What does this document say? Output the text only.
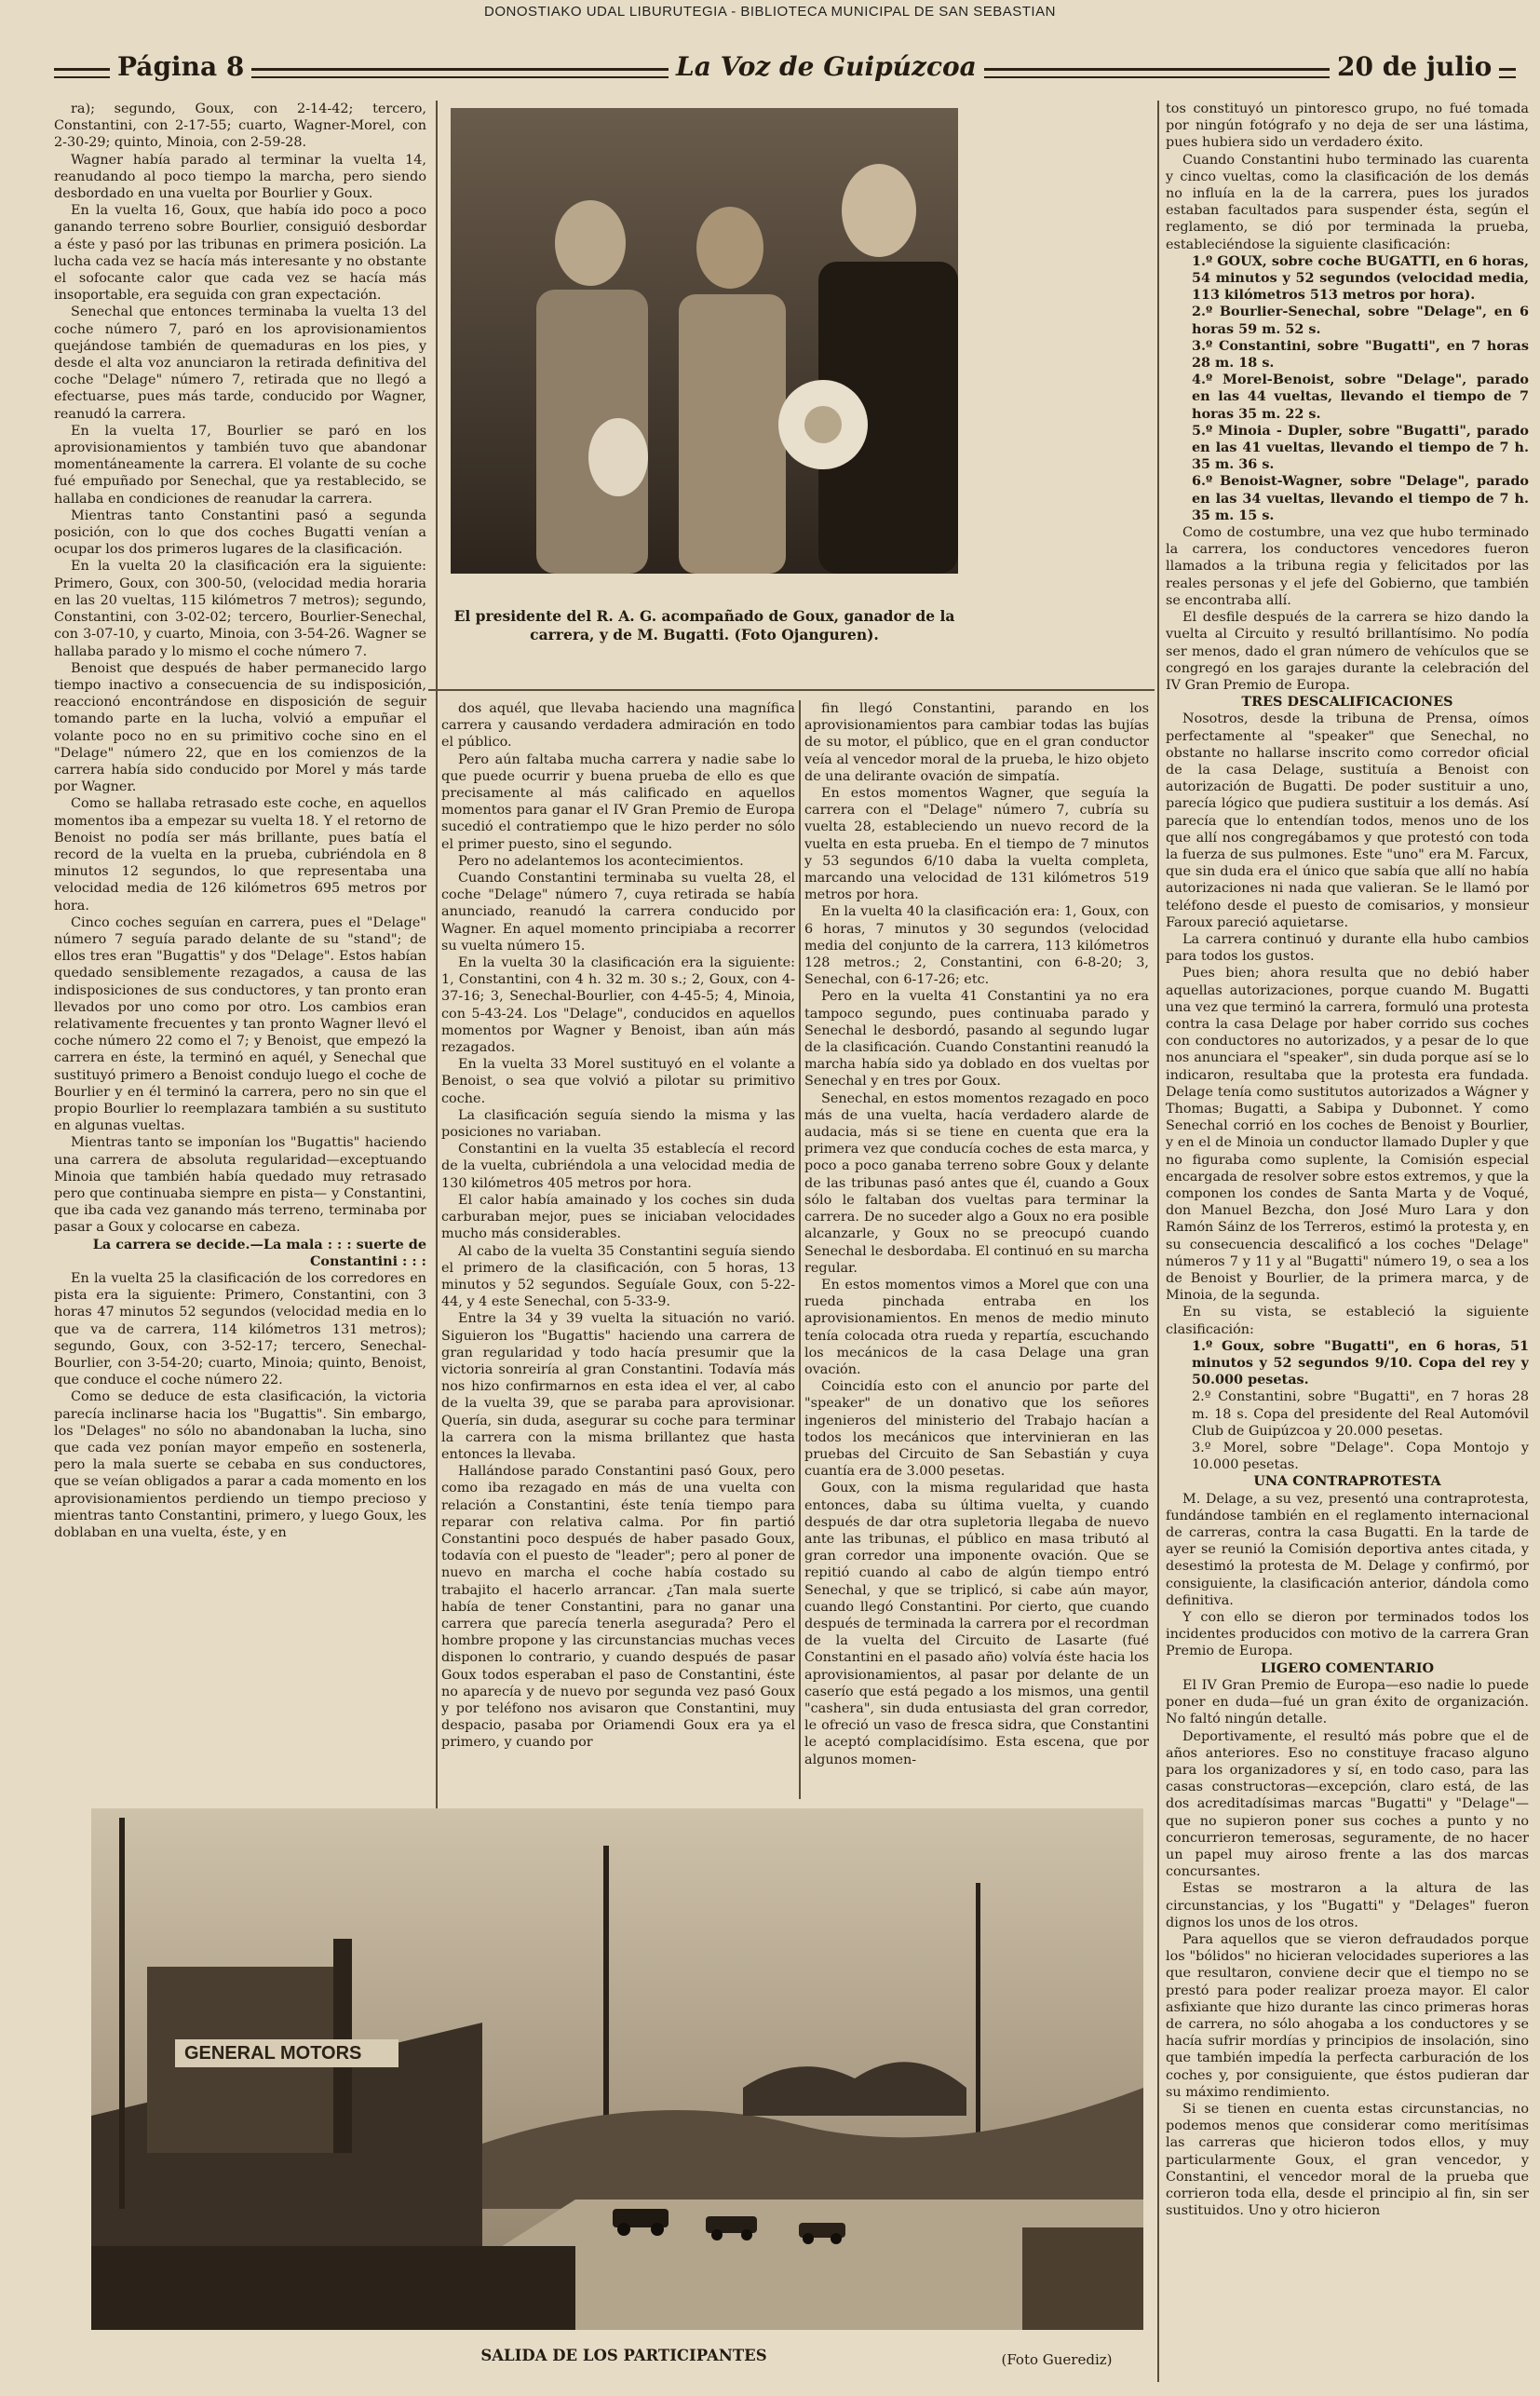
DONOSTIAKO UDAL LIBURUTEGIA - BIBLIOTECA MUNICIPAL DE SAN SEBASTIAN
Página 8	La Voz de Guipúzcoa	20 de julio

ra); segundo, Goux, con 2-14-42; tercero, Constantini, con 2-17-55; cuarto, Wagner-Morel, con 2-30-29; quinto, Minoia, con 2-59-28.

Wagner había parado al terminar la vuelta 14, reanudando al poco tiempo la marcha, pero siendo desbordado en una vuelta por Bourlier y Goux.

En la vuelta 16, Goux, que había ido poco a poco ganando terreno sobre Bourlier, consiguió desbordar a éste y pasó por las tribunas en primera posición. La lucha cada vez se hacía más interesante y no obstante el sofocante calor que cada vez se hacía más insoportable, era seguida con gran expectación.

Senechal que entonces terminaba la vuelta 13 del coche número 7, paró en los aprovisionamientos quejándose también de quemaduras en los pies, y desde el alta voz anunciaron la retirada definitiva del coche "Delage" número 7, retirada que no llegó a efectuarse, pues más tarde, conducido por Wagner, reanudó la carrera.

En la vuelta 17, Bourlier se paró en los aprovisionamientos y también tuvo que abandonar momentáneamente la carrera. El volante de su coche fué empuñado por Senechal, que ya restablecido, se hallaba en condiciones de reanudar la carrera.

Mientras tanto Constantini pasó a segunda posición, con lo que dos coches Bugatti venían a ocupar los dos primeros lugares de la clasificación.

En la vuelta 20 la clasificación era la siguiente: Primero, Goux, con 300-50, (velocidad media horaria en las 20 vueltas, 115 kilómetros 7 metros); segundo, Constantini, con 3-02-02; tercero, Bourlier-Senechal, con 3-07-10, y cuarto, Minoia, con 3-54-26. Wagner se hallaba parado y lo mismo el coche número 7.

Benoist que después de haber permanecido largo tiempo inactivo a consecuencia de su indisposición, reaccionó encontrándose en disposición de seguir tomando parte en la lucha, volvió a empuñar el volante poco no en su primitivo coche sino en el "Delage" número 22, que en los comienzos de la carrera había sido conducido por Morel y más tarde por Wagner.

Como se hallaba retrasado este coche, en aquellos momentos iba a empezar su vuelta 18. Y el retorno de Benoist no podía ser más brillante, pues batía el record de la vuelta en la prueba, cubriéndola en 8 minutos 12 segundos, lo que representaba una velocidad media de 126 kilómetros 695 metros por hora.

Cinco coches seguían en carrera, pues el "Delage" número 7 seguía parado delante de su "stand"; de ellos tres eran "Bugattis" y dos "Delage". Estos habían quedado sensiblemente rezagados, a causa de las indisposiciones de sus conductores, y tan pronto eran llevados por uno como por otro. Los cambios eran relativamente frecuentes y tan pronto Wagner llevó el coche número 22 como el 7; y Benoist, que empezó la carrera en éste, la terminó en aquél, y Senechal que sustituyó primero a Benoist condujo luego el coche de Bourlier y en él terminó la carrera, pero no sin que el propio Bourlier lo reemplazara también a su sustituto en algunas vueltas.

Mientras tanto se imponían los "Bugattis" haciendo una carrera de absoluta regularidad—exceptuando Minoia que también había quedado muy retrasado pero que continuaba siempre en pista— y Constantini, que iba cada vez ganando más terreno, terminaba por pasar a Goux y colocarse en cabeza.

La carrera se decide.—La mala : : : suerte de Constantini : : :

En la vuelta 25 la clasificación de los corredores en pista era la siguiente: Primero, Constantini, con 3 horas 47 minutos 52 segundos (velocidad media en lo que va de carrera, 114 kilómetros 131 metros); segundo, Goux, con 3-52-17; tercero, Senechal-Bourlier, con 3-54-20; cuarto, Minoia; quinto, Benoist, que conduce el coche número 22.

Como se deduce de esta clasificación, la victoria parecía inclinarse hacia los "Bugattis". Sin embargo, los "Delages" no sólo no abandonaban la lucha, sino que cada vez ponían mayor empeño en sostenerla, pero la mala suerte se cebaba en sus conductores, que se veían obligados a parar a cada momento en los aprovisionamientos perdiendo un tiempo precioso y mientras tanto Constantini, primero, y luego Goux, les doblaban en una vuelta, éste, y en

El presidente del R. A. G. acompañado de Goux, ganador de la carrera, y de M. Bugatti. (Foto Ojanguren).

dos aquél, que llevaba haciendo una magnífica carrera y causando verdadera admiración en todo el público.

Pero aún faltaba mucha carrera y nadie sabe lo que puede ocurrir y buena prueba de ello es que precisamente al más calificado en aquellos momentos para ganar el IV Gran Premio de Europa sucedió el contratiempo que le hizo perder no sólo el primer puesto, sino el segundo.

Pero no adelantemos los acontecimientos.

Cuando Constantini terminaba su vuelta 28, el coche "Delage" número 7, cuya retirada se había anunciado, reanudó la carrera conducido por Wagner. En aquel momento principiaba a recorrer su vuelta número 15.

En la vuelta 30 la clasificación era la siguiente: 1, Constantini, con 4 h. 32 m. 30 s.; 2, Goux, con 4-37-16; 3, Senechal-Bourlier, con 4-45-5; 4, Minoia, con 5-43-24. Los "Delage", conducidos en aquellos momentos por Wagner y Benoist, iban aún más rezagados.

En la vuelta 33 Morel sustituyó en el volante a Benoist, o sea que volvió a pilotar su primitivo coche.

La clasificación seguía siendo la misma y las posiciones no variaban.

Constantini en la vuelta 35 establecía el record de la vuelta, cubriéndola a una velocidad media de 130 kilómetros 405 metros por hora.

El calor había amainado y los coches sin duda carburaban mejor, pues se iniciaban velocidades mucho más considerables.

Al cabo de la vuelta 35 Constantini seguía siendo el primero de la clasificación, con 5 horas, 13 minutos y 52 segundos. Seguíale Goux, con 5-22-44, y 4 este Senechal, con 5-33-9.

Entre la 34 y 39 vuelta la situación no varió. Siguieron los "Bugattis" haciendo una carrera de gran regularidad y todo hacía presumir que la victoria sonreiría al gran Constantini. Todavía más nos hizo confirmarnos en esta idea el ver, al cabo de la vuelta 39, que se paraba para aprovisionar. Quería, sin duda, asegurar su coche para terminar la carrera con la misma brillantez que hasta entonces la llevaba.

Hallándose parado Constantini pasó Goux, pero como iba rezagado en más de una vuelta con relación a Constantini, éste tenía tiempo para reparar con relativa calma. Por fin partió Constantini poco después de haber pasado Goux, todavía con el puesto de "leader"; pero al poner de nuevo en marcha el coche había costado su trabajito el hacerlo arrancar. ¿Tan mala suerte había de tener Constantini, para no ganar una carrera que parecía tenerla asegurada? Pero el hombre propone y las circunstancias muchas veces disponen lo contrario, y cuando después de pasar Goux todos esperaban el paso de Constantini, éste no aparecía y de nuevo por segunda vez pasó Goux y por teléfono nos avisaron que Constantini, muy despacio, pasaba por Oriamendi Goux era ya el primero, y cuando por

fin llegó Constantini, parando en los aprovisionamientos para cambiar todas las bujías de su motor, el público, que en el gran conductor veía al vencedor moral de la prueba, le hizo objeto de una delirante ovación de simpatía.

En estos momentos Wagner, que seguía la carrera con el "Delage" número 7, cubría su vuelta 28, estableciendo un nuevo record de la vuelta en esta prueba. En el tiempo de 7 minutos y 53 segundos 6/10 daba la vuelta completa, marcando una velocidad de 131 kilómetros 519 metros por hora.

En la vuelta 40 la clasificación era: 1, Goux, con 6 horas, 7 minutos y 30 segundos (velocidad media del conjunto de la carrera, 113 kilómetros 128 metros.; 2, Constantini, con 6-8-20; 3, Senechal, con 6-17-26; etc.

Pero en la vuelta 41 Constantini ya no era tampoco segundo, pues continuaba parado y Senechal le desbordó, pasando al segundo lugar de la clasificación. Cuando Constantini reanudó la marcha había sido ya doblado en dos vueltas por Senechal y en tres por Goux.

Senechal, en estos momentos rezagado en poco más de una vuelta, hacía verdadero alarde de audacia, más si se tiene en cuenta que era la primera vez que conducía coches de esta marca, y poco a poco ganaba terreno sobre Goux y delante de las tribunas pasó antes que él, cuando a Goux sólo le faltaban dos vueltas para terminar la carrera. De no suceder algo a Goux no era posible alcanzarle, y Goux no se preocupó cuando Senechal le desbordaba. El continuó en su marcha regular.

En estos momentos vimos a Morel que con una rueda pinchada entraba en los aprovisionamientos. En menos de medio minuto tenía colocada otra rueda y repartía, escuchando los mecánicos de la casa Delage una gran ovación.

Coincidía esto con el anuncio por parte del "speaker" de un donativo que los señores ingenieros del ministerio del Trabajo hacían a todos los mecánicos que intervinieran en las pruebas del Circuito de San Sebastián y cuya cuantía era de 3.000 pesetas.

Goux, con la misma regularidad que hasta entonces, daba su última vuelta, y cuando después de dar otra supletoria llegaba de nuevo ante las tribunas, el público en masa tributó al gran corredor una imponente ovación. Que se repitió cuando al cabo de algún tiempo entró Senechal, y que se triplicó, si cabe aún mayor, cuando llegó Constantini. Por cierto, que cuando después de terminada la carrera por el recordman de la vuelta del Circuito de Lasarte (fué Constantini en el pasado año) volvía éste hacia los aprovisionamientos, al pasar por delante de un caserío que está pegado a los mismos, una gentil "cashera", sin duda entusiasta del gran corredor, le ofreció un vaso de fresca sidra, que Constantini le aceptó complacidísimo. Esta escena, que por algunos momen-

tos constituyó un pintoresco grupo, no fué tomada por ningún fotógrafo y no deja de ser una lástima, pues hubiera sido un verdadero éxito.

Cuando Constantini hubo terminado las cuarenta y cinco vueltas, como la clasificación de los demás no influía en la de la carrera, pues los jurados estaban facultados para suspender ésta, según el reglamento, se dió por terminada la prueba, estableciéndose la siguiente clasificación:

1.º GOUX, sobre coche BUGATTI, en 6 horas, 54 minutos y 52 segundos (velocidad media, 113 kilómetros 513 metros por hora).

2.º Bourlier-Senechal, sobre "Delage", en 6 horas 59 m. 52 s.

3.º Constantini, sobre "Bugatti", en 7 horas 28 m. 18 s.

4.º Morel-Benoist, sobre "Delage", parado en las 44 vueltas, llevando el tiempo de 7 horas 35 m. 22 s.

5.º Minoia - Dupler, sobre "Bugatti", parado en las 41 vueltas, llevando el tiempo de 7 h. 35 m. 36 s.

6.º Benoist-Wagner, sobre "Delage", parado en las 34 vueltas, llevando el tiempo de 7 h. 35 m. 15 s.

Como de costumbre, una vez que hubo terminado la carrera, los conductores vencedores fueron llamados a la tribuna regia y felicitados por las reales personas y el jefe del Gobierno, que también se encontraba allí.

El desfile después de la carrera se hizo dando la vuelta al Circuito y resultó brillantísimo. No podía ser menos, dado el gran número de vehículos que se congregó en los garajes durante la celebración del IV Gran Premio de Europa.

TRES DESCALIFICACIONES

Nosotros, desde la tribuna de Prensa, oímos perfectamente al "speaker" que Senechal, no obstante no hallarse inscrito como corredor oficial de la casa Delage, sustituía a Benoist con autorización de Bugatti. De poder sustituir a uno, parecía lógico que pudiera sustituir a los demás. Así parecía que lo entendían todos, menos uno de los que allí nos congregábamos y que protestó con toda la fuerza de sus pulmones. Este "uno" era M. Farcux, que sin duda era el único que sabía que allí no había autorizaciones ni nada que valieran. Se le llamó por teléfono desde el puesto de comisarios, y monsieur Faroux pareció aquietarse.

La carrera continuó y durante ella hubo cambios para todos los gustos.

Pues bien; ahora resulta que no debió haber aquellas autorizaciones, porque cuando M. Bugatti una vez que terminó la carrera, formuló una protesta contra la casa Delage por haber corrido sus coches con conductores no autorizados, y a pesar de lo que nos anunciara el "speaker", sin duda porque así se lo indicaron, resultaba que la protesta era fundada. Delage tenía como sustitutos autorizados a Wágner y Thomas; Bugatti, a Sabipa y Dubonnet. Y como Senechal corrió en los coches de Benoist y Bourlier, y en el de Minoia un conductor llamado Dupler y que no figuraba como suplente, la Comisión especial encargada de resolver sobre estos extremos, y que la componen los condes de Santa Marta y de Voqué, don Manuel Bezcha, don José Muro Lara y don Ramón Sáinz de los Terreros, estimó la protesta y, en su consecuencia descalificó a los coches "Delage" números 7 y 11 y al "Bugatti" número 19, o sea a los de Benoist y Bourlier, de la primera marca, y de Minoia, de la segunda.

En su vista, se estableció la siguiente clasificación:

1.º Goux, sobre "Bugatti", en 6 horas, 51 minutos y 52 segundos 9/10. Copa del rey y 50.000 pesetas.

2.º Constantini, sobre "Bugatti", en 7 horas 28 m. 18 s. Copa del presidente del Real Automóvil Club de Guipúzcoa y 20.000 pesetas.

3.º Morel, sobre "Delage". Copa Montojo y 10.000 pesetas.

UNA CONTRAPROTESTA

M. Delage, a su vez, presentó una contraprotesta, fundándose también en el reglamento internacional de carreras, contra la casa Bugatti. En la tarde de ayer se reunió la Comisión deportiva antes citada, y desestimó la protesta de M. Delage y confirmó, por consiguiente, la clasificación anterior, dándola como definitiva.

Y con ello se dieron por terminados todos los incidentes producidos con motivo de la carrera Gran Premio de Europa.

LIGERO COMENTARIO

El IV Gran Premio de Europa—eso nadie lo puede poner en duda—fué un gran éxito de organización. No faltó ningún detalle.

Deportivamente, el resultó más pobre que el de años anteriores. Eso no constituye fracaso alguno para los organizadores y sí, en todo caso, para las casas constructoras—excepción, claro está, de las dos acreditadísimas marcas "Bugatti" y "Delage"—que no supieron poner sus coches a punto y no concurrieron temerosas, seguramente, de no hacer un papel muy airoso frente a las dos marcas concursantes.

Estas se mostraron a la altura de las circunstancias, y los "Bugatti" y "Delages" fueron dignos los unos de los otros.

Para aquellos que se vieron defraudados porque los "bólidos" no hicieran velocidades superiores a las que resultaron, conviene decir que el tiempo no se prestó para poder realizar proeza mayor. El calor asfixiante que hizo durante las cinco primeras horas de carrera, no sólo ahogaba a los conductores y se hacía sufrir mordías y principios de insolación, sino que también impedía la perfecta carburación de los coches y, por consiguiente, que éstos pudieran dar su máximo rendimiento.

Si se tienen en cuenta estas circunstancias, no podemos menos que considerar como meritísimas las carreras que hicieron todos ellos, y muy particularmente Goux, el gran vencedor, y Constantini, el vencedor moral de la prueba que corrieron toda ella, desde el principio al fin, sin ser sustituidos. Uno y otro hicieron

GENERAL MOTORS
SALIDA DE LOS PARTICIPANTES	(Foto Guerediz)
